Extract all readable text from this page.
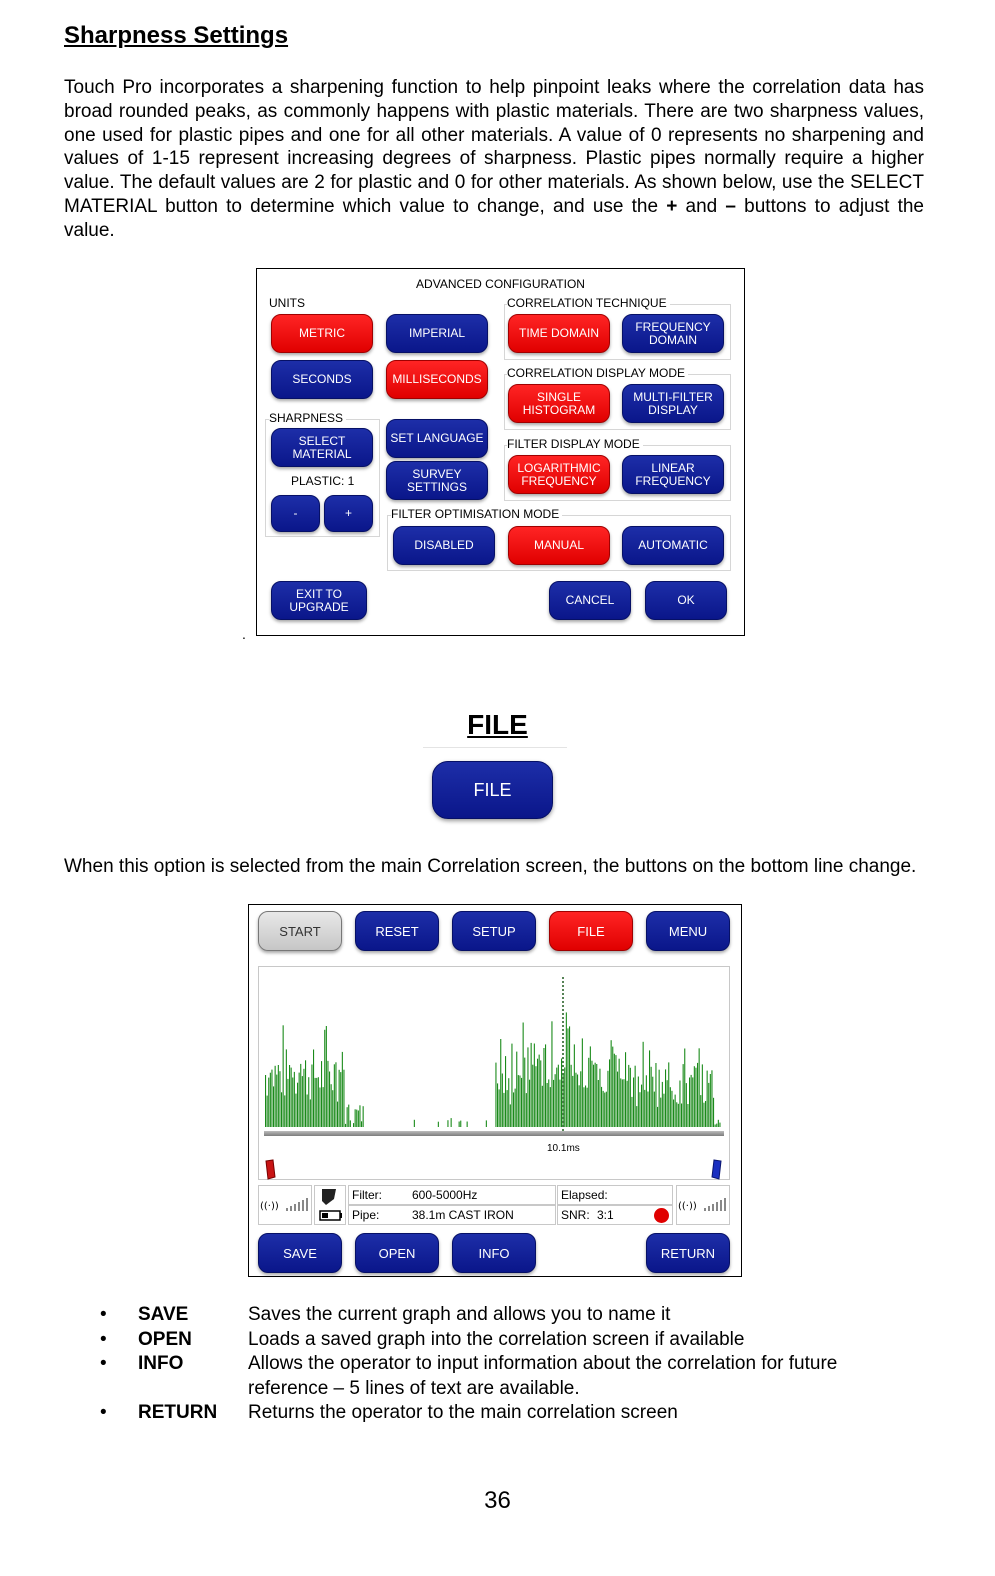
Sharpness Settings

Touch Pro incorporates a sharpening function to help pinpoint leaks where the correlation data has broad rounded peaks, as commonly happens with plastic materials. There are two sharpness values, one used for plastic pipes and one for all other materials. A value of 0 represents no sharpening and values of 1-15 represent increasing degrees of sharpness. Plastic pipes normally require a higher value. The default values are 2 for plastic and 0 for other materials. As shown below, use the SELECT MATERIAL button to determine which value to change, and use the + and – buttons to adjust the value.

ADVANCED CONFIGURATION
UNITS
METRIC	IMPERIAL
SECONDS	MILLISECONDS
CORRELATION TECHNIQUE
TIME DOMAIN	FREQUENCY
DOMAIN
CORRELATION DISPLAY MODE
SINGLE
HISTOGRAM
MULTI-FILTER
DISPLAY
SHARPNESS
SELECT
MATERIAL
PLASTIC: 1
-	+
SET LANGUAGE
SURVEY
SETTINGS
FILTER DISPLAY MODE
LOGARITHMIC
FREQUENCY
LINEAR
FREQUENCY
FILTER OPTIMISATION MODE
DISABLED	MANUAL	AUTOMATIC
EXIT TO
UPGRADE	CANCEL	OK
.
FILE
FILE

When this option is selected from the main Correlation screen, the buttons on the bottom line change.

START	RESET	SETUP	FILE	MENU
10.1ms
((·))
Filter:	600-5000Hz
Pipe:	38.1m CAST IRON
Elapsed:
SNR: 3:1
((·))
SAVE	OPEN	INFO	RETURN
• SAVE	Saves the current graph and allows you to name it
• OPEN	Loads a saved graph into the correlation screen if available
• INFO	Allows the operator to input information about the correlation for future reference – 5 lines of text are available.
• RETURN Returns the operator to the main correlation screen
36
